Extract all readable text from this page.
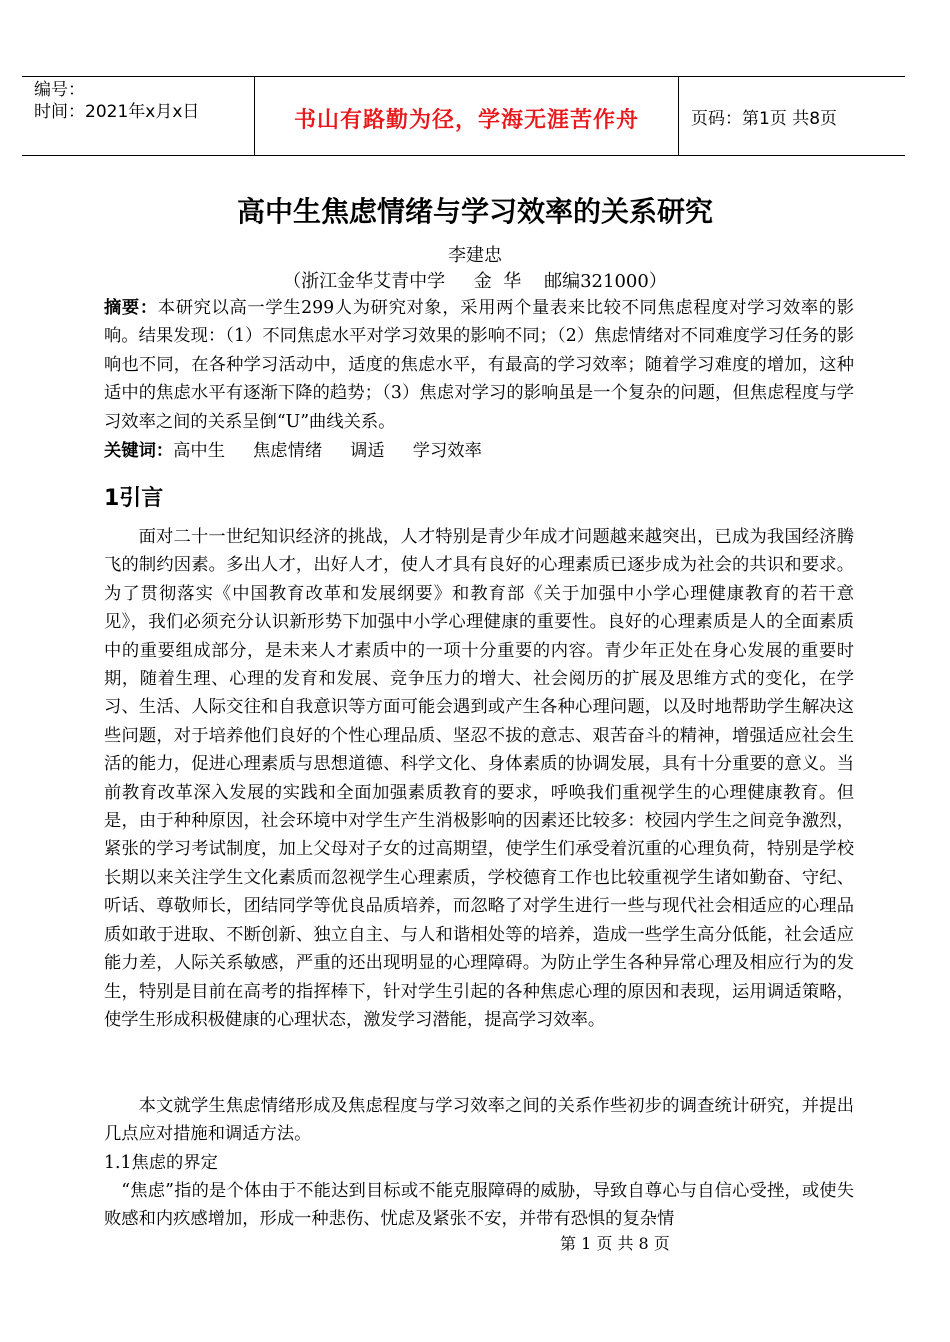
编号：
时间：2021年x月x日	书山有路勤为径，学海无涯苦作舟	页码：第1页 共8页
高中生焦虑情绪与学习效率的关系研究
李建忠
（浙江金华艾青中学     金  华    邮编321000）
摘要：本研究以高一学生299人为研究对象，采用两个量表来比较不同焦虑程度对学习效率的影响。结果发现：（1）不同焦虑水平对学习效果的影响不同；（2）焦虑情绪对不同难度学习任务的影响也不同，在各种学习活动中，适度的焦虑水平，有最高的学习效率；随着学习难度的增加，这种适中的焦虑水平有逐渐下降的趋势；（3）焦虑对学习的影响虽是一个复杂的问题，但焦虑程度与学习效率之间的关系呈倒“U”曲线关系。
关键词：高中生 焦虑情绪 调适 学习效率
1引言
面对二十一世纪知识经济的挑战，人才特别是青少年成才问题越来越突出，已成为我国经济腾飞的制约因素。多出人才，出好人才，使人才具有良好的心理素质已逐步成为社会的共识和要求。为了贯彻落实《中国教育改革和发展纲要》和教育部《关于加强中小学心理健康教育的若干意见》，我们必须充分认识新形势下加强中小学心理健康的重要性。良好的心理素质是人的全面素质中的重要组成部分，是未来人才素质中的一项十分重要的内容。青少年正处在身心发展的重要时期，随着生理、心理的发育和发展、竞争压力的增大、社会阅历的扩展及思维方式的变化，在学习、生活、人际交往和自我意识等方面可能会遇到或产生各种心理问题，以及时地帮助学生解决这些问题，对于培养他们良好的个性心理品质、坚忍不拔的意志、艰苦奋斗的精神，增强适应社会生活的能力，促进心理素质与思想道德、科学文化、身体素质的协调发展，具有十分重要的意义。当前教育改革深入发展的实践和全面加强素质教育的要求，呼唤我们重视学生的心理健康教育。但是，由于种种原因，社会环境中对学生产生消极影响的因素还比较多：校园内学生之间竞争激烈，紧张的学习考试制度，加上父母对子女的过高期望，使学生们承受着沉重的心理负荷，特别是学校长期以来关注学生文化素质而忽视学生心理素质，学校德育工作也比较重视学生诸如勤奋、守纪、听话、尊敬师长，团结同学等优良品质培养，而忽略了对学生进行一些与现代社会相适应的心理品质如敢于进取、不断创新、独立自主、与人和谐相处等的培养，造成一些学生高分低能，社会适应能力差，人际关系敏感，严重的还出现明显的心理障碍。为防止学生各种异常心理及相应行为的发生，特别是目前在高考的指挥棒下，针对学生引起的各种焦虑心理的原因和表现，运用调适策略，使学生形成积极健康的心理状态，激发学习潜能，提高学习效率。
本文就学生焦虑情绪形成及焦虑程度与学习效率之间的关系作些初步的调查统计研究，并提出几点应对措施和调适方法。
1.1焦虑的界定
“焦虑”指的是个体由于不能达到目标或不能克服障碍的威胁，导致自尊心与自信心受挫，或使失败感和内疚感增加，形成一种悲伤、忧虑及紧张不安，并带有恐惧的复杂情
第 1 页 共 8 页
